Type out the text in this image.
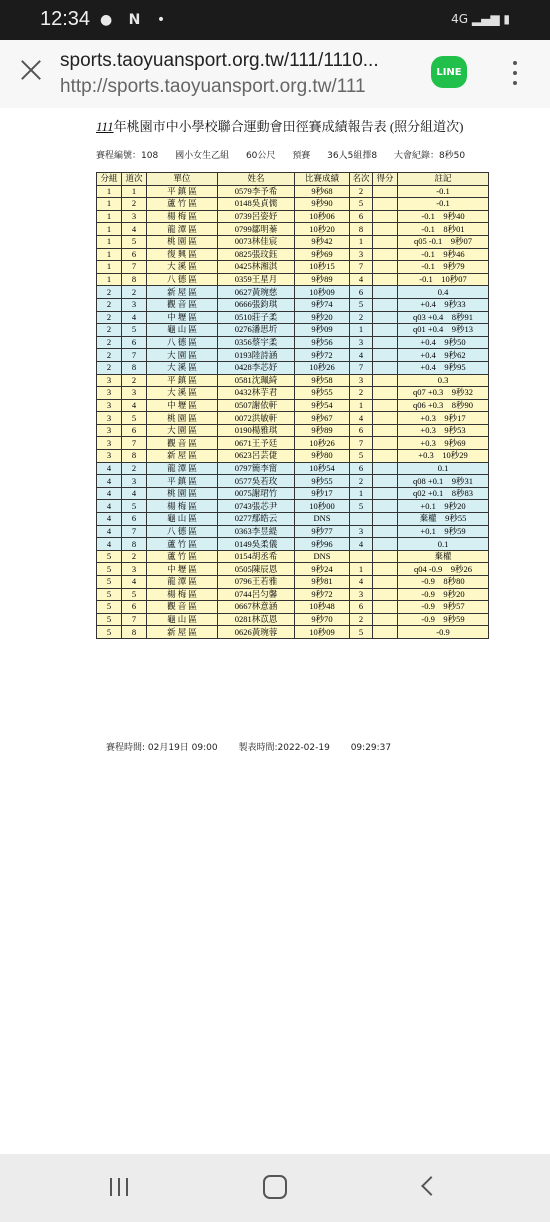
12:34 ● N •	4G ▂▄▆ ▮
sports.taoyuansport.org.tw/111/1110...
http://sports.taoyuansport.org.tw/111
LINE
111年桃園市中小學校聯合運動會田徑賽成績報告表 (照分組道次)
賽程編號：108 國小女生乙組 60公尺 預賽 36人5組擇8 大會紀錄：8秒50
分組	道次	單位	姓名	比賽成績	名次	得分	註記
1	1	平 鎮 區	0579李予希	9秒68	2		-0.1
1	2	蘆 竹 區	0148吳貞儒	9秒90	5		-0.1
1	3	楊 梅 區	0739呂姿妤	10秒06	6		-0.1　9秒40
1	4	龍 潭 區	0799鄒明蓁	10秒20	8		-0.1　8秒01
1	5	桃 園 區	0073林佳宸	9秒42	1		q05 -0.1　9秒07
1	6	復 興 區	0825張玟鈺	9秒69	3		-0.1　9秒46
1	7	大 溪 區	0425林湘淇	10秒15	7		-0.1　9秒79
1	8	八 德 區	0359王星月	9秒89	4		-0.1　10秒07
2	2	新 屋 區	0627黃琬慈	10秒09	6		0.4
2	3	觀 音 區	0666張鈞琪	9秒74	5		+0.4　9秒33
2	4	中 壢 區	0510莊子柔	9秒20	2		q03 +0.4　8秒91
2	5	龜 山 區	0276潘思圻	9秒09	1		q01 +0.4　9秒13
2	6	八 德 區	0356蔡宇柔	9秒56	3		+0.4　9秒50
2	7	大 園 區	0193陸詩涵	9秒72	4		+0.4　9秒62
2	8	大 溪 區	0428李芯妤	10秒26	7		+0.4　9秒95
3	2	平 鎮 區	0581沈珮綺	9秒58	3		0.3
3	3	大 溪 區	0432林芋君	9秒55	2		q07 +0.3　9秒32
3	4	中 壢 區	0507謝依軒	9秒54	1		q06 +0.3　8秒90
3	5	桃 園 區	0072洪敏軒	9秒67	4		+0.3　9秒17
3	6	大 園 區	0190楊雅琪	9秒89	6		+0.3　9秒53
3	7	觀 音 區	0671王予廷	10秒26	7		+0.3　9秒69
3	8	新 屋 區	0623呂芸倢	9秒80	5		+0.3　10秒29
4	2	龍 潭 區	0797簡李甯	10秒54	6		0.1
4	3	平 鎮 區	0577吳若玫	9秒55	2		q08 +0.1　9秒31
4	4	桃 園 區	0075謝珺竹	9秒17	1		q02 +0.1　8秒83
4	5	楊 梅 區	0743張芯尹	10秒00	5		+0.1　9秒20
4	6	龜 山 區	0277鄢皓云	DNS			棄權　9秒55
4	7	八 德 區	0363李昱緹	9秒77	3		+0.1　9秒59
4	8	蘆 竹 區	0149吳柔儀	9秒96	4		0.1
5	2	蘆 竹 區	0154胡丞希	DNS			棄權
5	3	中 壢 區	0505陳辰恩	9秒24	1		q04 -0.9　9秒26
5	4	龍 潭 區	0796王若雅	9秒81	4		-0.9　8秒80
5	5	楊 梅 區	0744呂匀馨	9秒72	3		-0.9　9秒20
5	6	觀 音 區	0667林意涵	10秒48	6		-0.9　9秒57
5	7	龜 山 區	0281林苡恩	9秒70	2		-0.9　9秒59
5	8	新 屋 區	0626黃琬蓉	10秒09	5		-0.9
賽程時間: 02月19日 09:00 製表時間:2022-02-19 09:29:37
